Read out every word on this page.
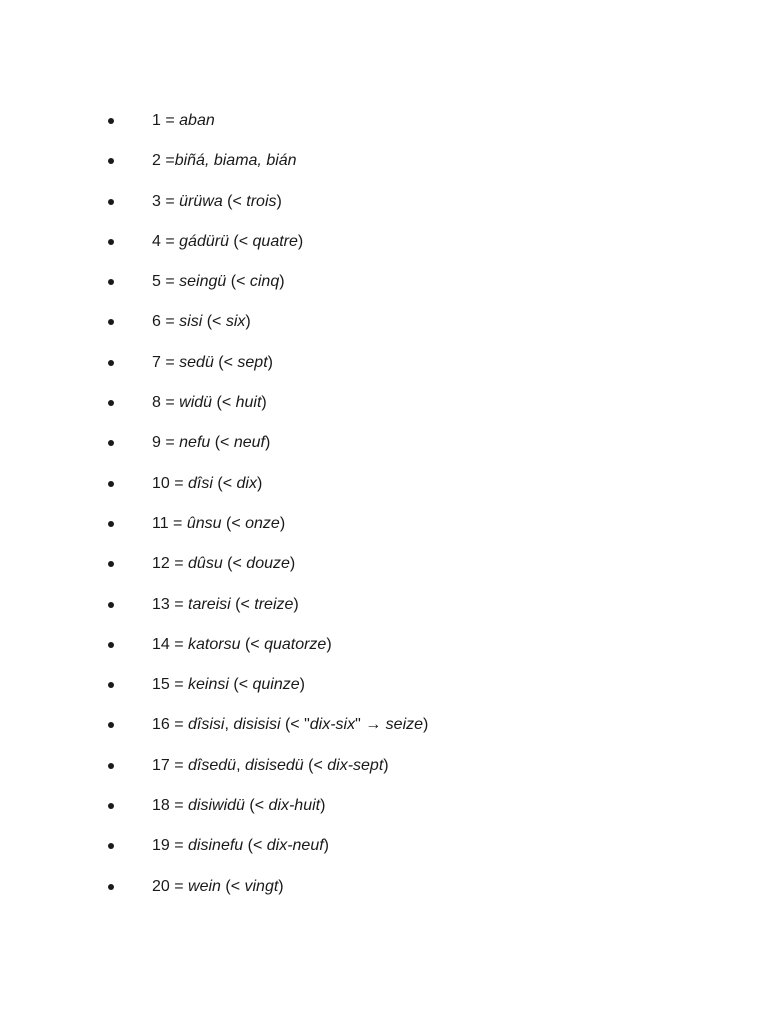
1 = aban
2 =biñá, biama, bián
3 = ürüwa (< trois)
4 = gádürü (< quatre)
5 = seingü (< cinq)
6 = sisi (< six)
7 = sedü (< sept)
8 = widü (< huit)
9 = nefu (< neuf)
10 = dîsi (< dix)
11 = ûnsu (< onze)
12 = dûsu (< douze)
13 = tareisi (< treize)
14 = katorsu (< quatorze)
15 = keinsi (< quinze)
16 = dîsisi, disisisi (< "dix-six" → seize)
17 = dîsedü, disisedü (< dix-sept)
18 = disiwidü (< dix-huit)
19 = disinefu (< dix-neuf)
20 = wein (< vingt)
